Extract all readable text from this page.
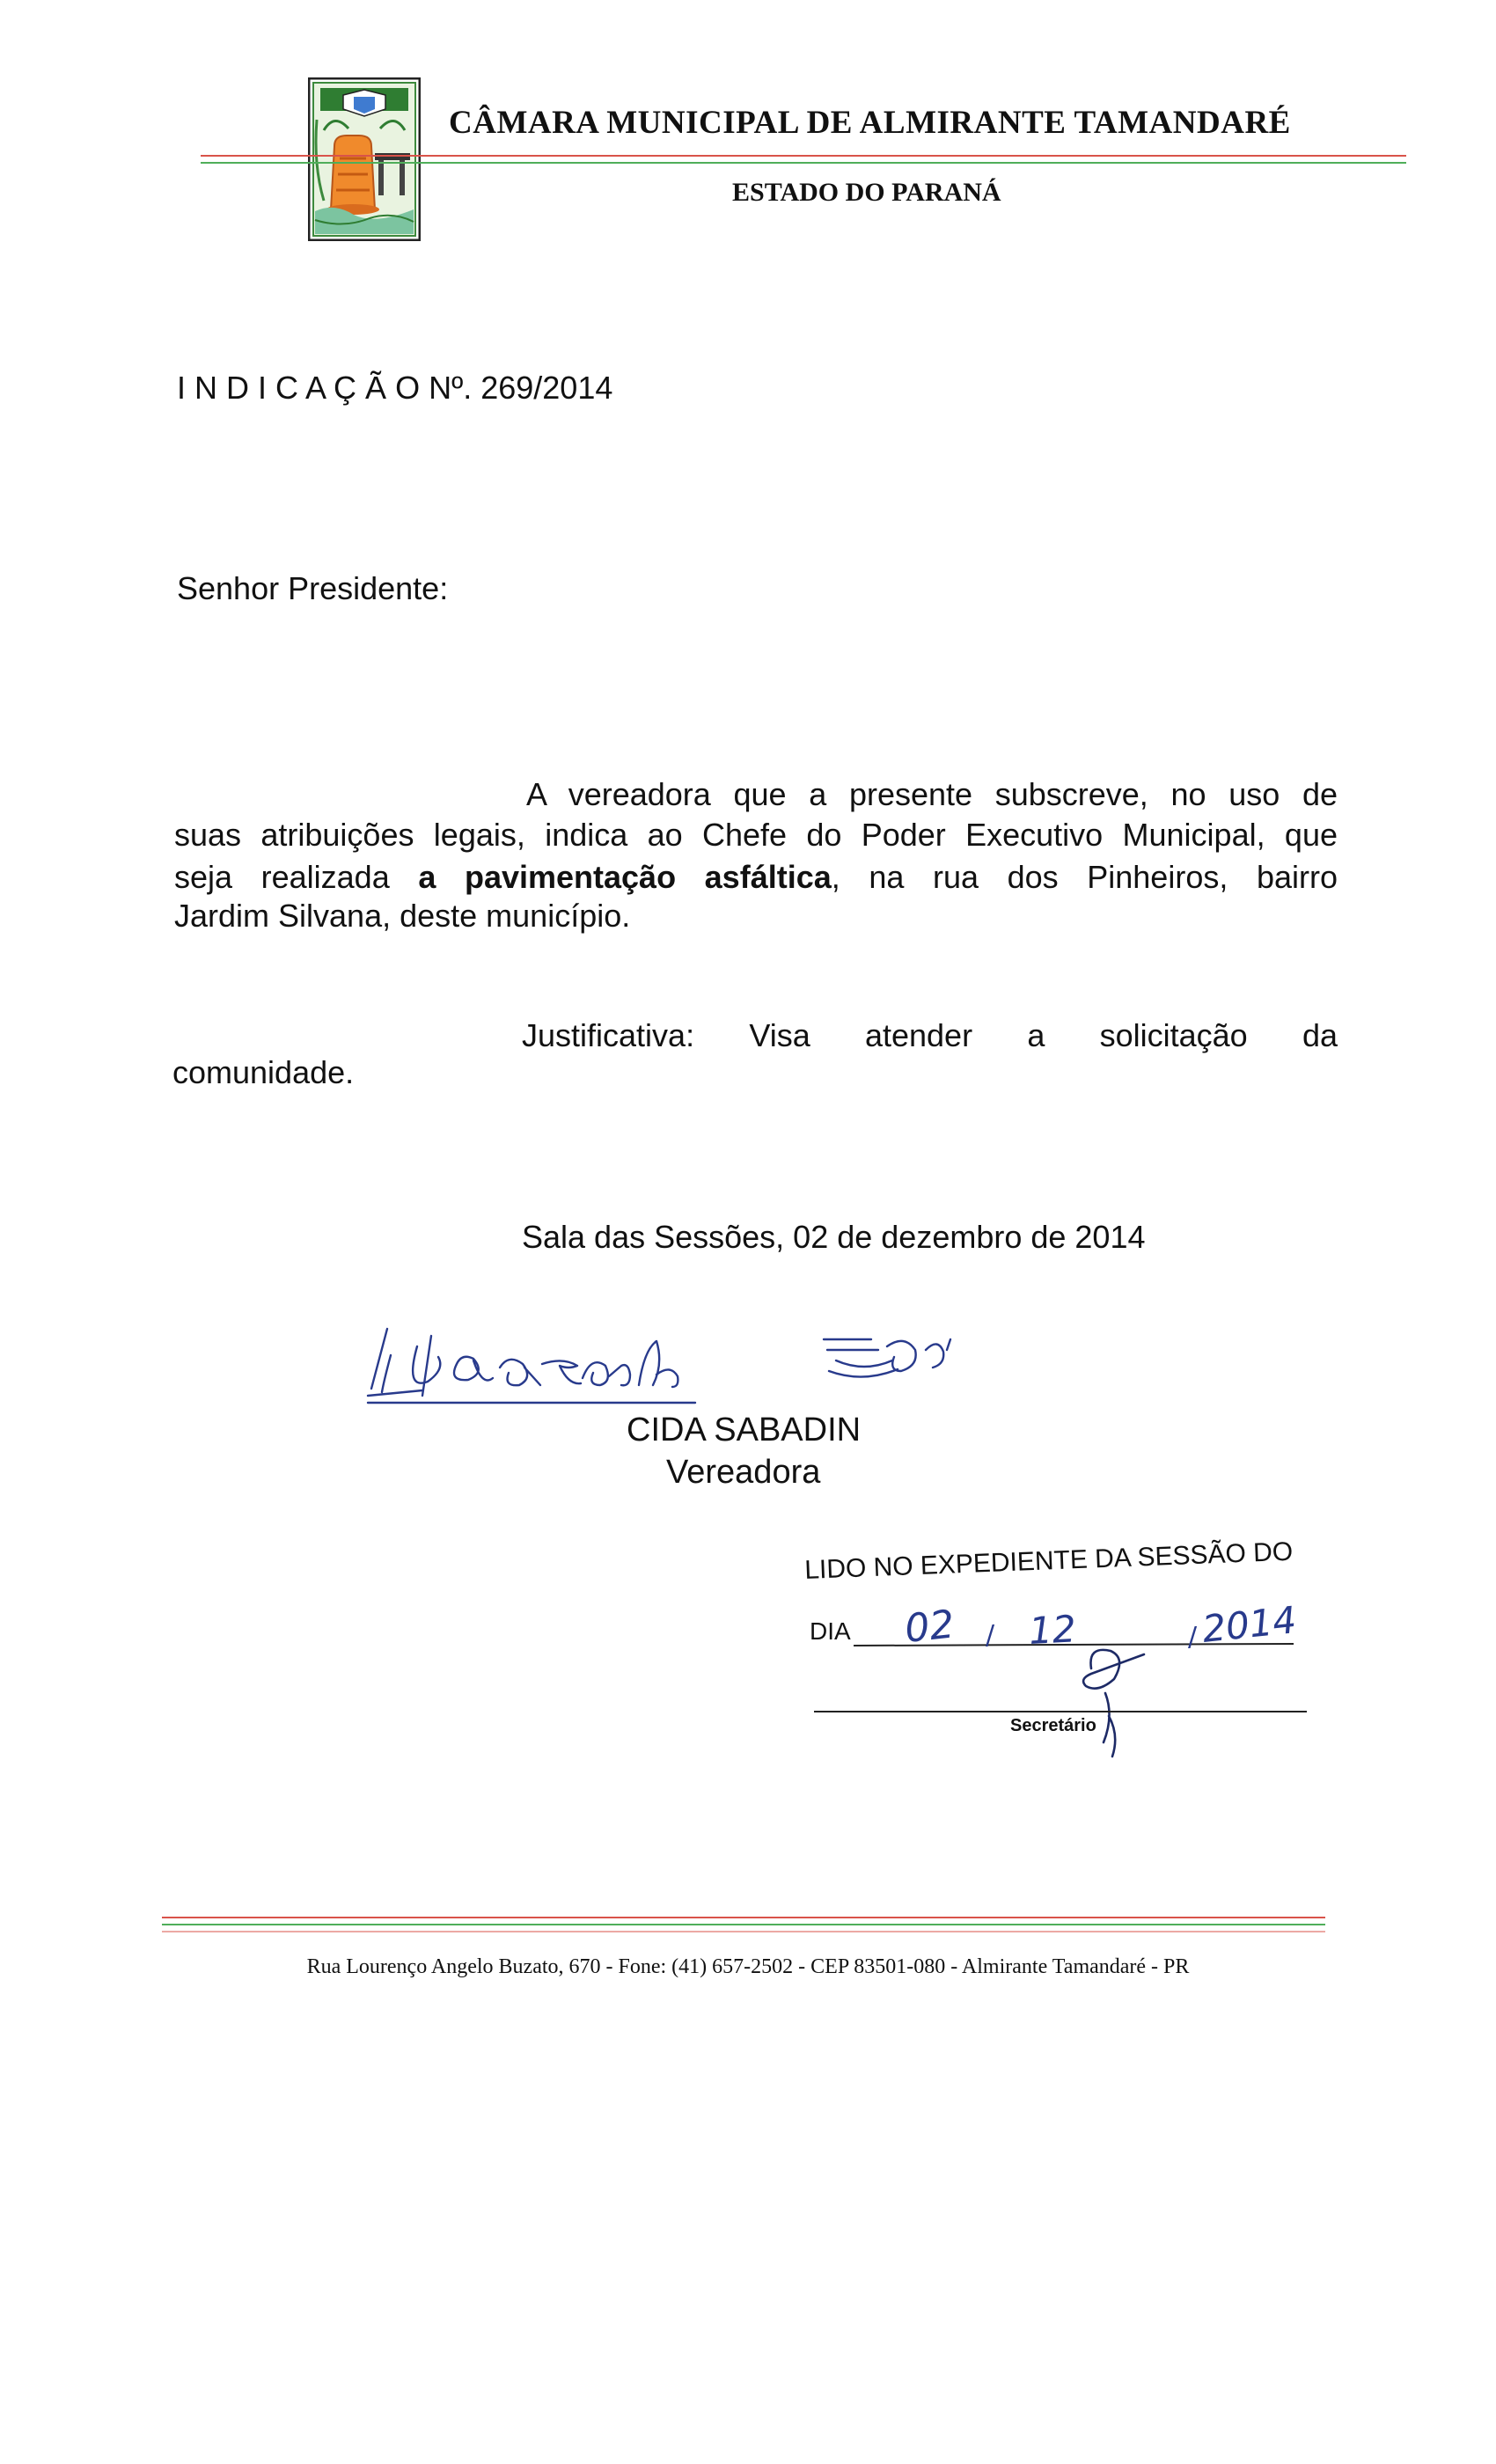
CÂMARA MUNICIPAL DE ALMIRANTE TAMANDARÉ
ESTADO DO PARANÁ
I N D I C A Ç Ã O Nº. 269/2014
Senhor Presidente:
A vereadora que a presente subscreve, no uso de
suas atribuições legais, indica ao Chefe do Poder Executivo Municipal, que
seja realizada a pavimentação asfáltica, na rua dos Pinheiros, bairro
Jardim Silvana, deste município.
Justificativa: Visa atender a solicitação da
comunidade.
Sala das Sessões, 02 de dezembro de 2014
CIDA SABADIN
Vereadora
LIDO NO EXPEDIENTE DA SESSÃO DO
DIA 02 / 12	/ 2014
Secretário
Rua Lourenço Angelo Buzato, 670 - Fone: (41) 657-2502 - CEP 83501-080 - Almirante Tamandaré - PR
